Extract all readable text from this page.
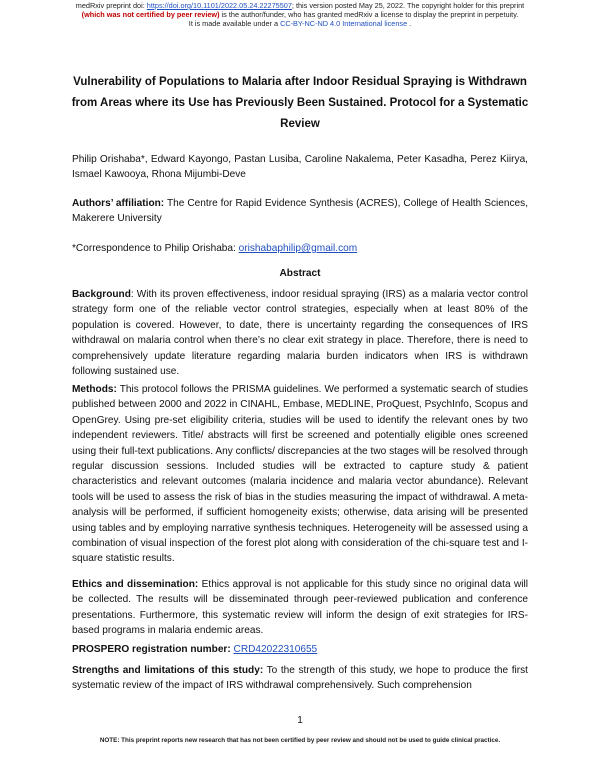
medRxiv preprint doi: https://doi.org/10.1101/2022.05.24.22275507; this version posted May 25, 2022. The copyright holder for this preprint
(which was not certified by peer review) is the author/funder, who has granted medRxiv a license to display the preprint in perpetuity.
It is made available under a CC-BY-NC-ND 4.0 International license .
Vulnerability of Populations to Malaria after Indoor Residual Spraying is Withdrawn from Areas where its Use has Previously Been Sustained. Protocol for a Systematic Review
Philip Orishaba*, Edward Kayongo, Pastan Lusiba, Caroline Nakalema, Peter Kasadha, Perez Kiirya, Ismael Kawooya, Rhona Mijumbi-Deve
Authors’ affiliation: The Centre for Rapid Evidence Synthesis (ACRES), College of Health Sciences, Makerere University
*Correspondence to Philip Orishaba: orishabaphilip@gmail.com
Abstract
Background: With its proven effectiveness, indoor residual spraying (IRS) as a malaria vector control strategy form one of the reliable vector control strategies, especially when at least 80% of the population is covered. However, to date, there is uncertainty regarding the consequences of IRS withdrawal on malaria control when there’s no clear exit strategy in place. Therefore, there is need to comprehensively update literature regarding malaria burden indicators when IRS is withdrawn following sustained use.
Methods: This protocol follows the PRISMA guidelines. We performed a systematic search of studies published between 2000 and 2022 in CINAHL, Embase, MEDLINE, ProQuest, PsychInfo, Scopus and OpenGrey. Using pre-set eligibility criteria, studies will be used to identify the relevant ones by two independent reviewers. Title/ abstracts will first be screened and potentially eligible ones screened using their full-text publications. Any conflicts/ discrepancies at the two stages will be resolved through regular discussion sessions. Included studies will be extracted to capture study & patient characteristics and relevant outcomes (malaria incidence and malaria vector abundance). Relevant tools will be used to assess the risk of bias in the studies measuring the impact of withdrawal. A meta-analysis will be performed, if sufficient homogeneity exists; otherwise, data arising will be presented using tables and by employing narrative synthesis techniques. Heterogeneity will be assessed using a combination of visual inspection of the forest plot along with consideration of the chi-square test and I-square statistic results.
Ethics and dissemination: Ethics approval is not applicable for this study since no original data will be collected. The results will be disseminated through peer-reviewed publication and conference presentations. Furthermore, this systematic review will inform the design of exit strategies for IRS-based programs in malaria endemic areas.
PROSPERO registration number: CRD42022310655
Strengths and limitations of this study: To the strength of this study, we hope to produce the first systematic review of the impact of IRS withdrawal comprehensively. Such comprehension
1
NOTE: This preprint reports new research that has not been certified by peer review and should not be used to guide clinical practice.
